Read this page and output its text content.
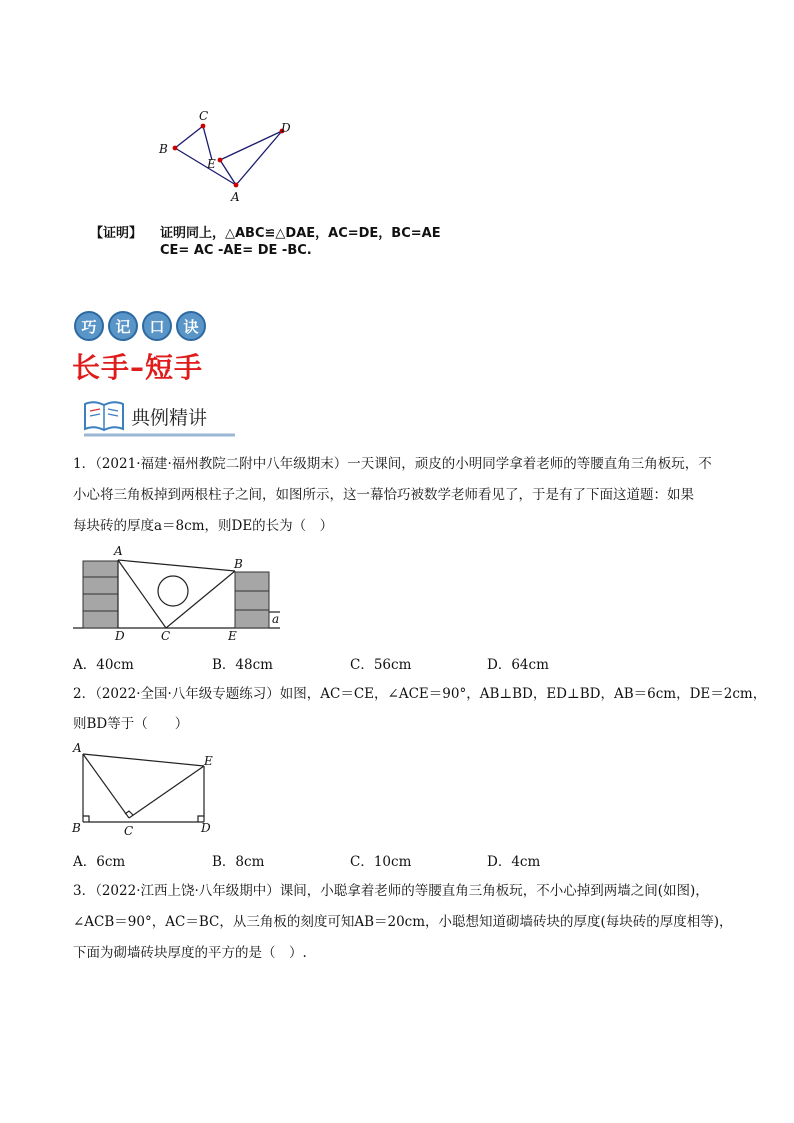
C
B
D
E
A
【证明】 证明同上，△ABC≌△DAE，AC=DE，BC=AE
CE= AC -AE= DE -BC.
巧	记	口	诀
长手–短手
典例精讲
1．（2021·福建·福州教院二附中八年级期末）一天课间，顽皮的小明同学拿着老师的等腰直角三角板玩，不
小心将三角板掉到两根柱子之间，如图所示，这一幕恰巧被数学老师看见了，于是有了下面这道题：如果
每块砖的厚度a＝8cm，则DE的长为（　）
A
B
D	C	E
a
A．40cm	B．48cm	C．56cm	D．64cm
2．（2022·全国·八年级专题练习）如图，AC＝CE，∠ACE＝90°，AB⊥BD，ED⊥BD，AB＝6cm，DE＝2cm，
则BD等于（　　）
A
E
B	C	D
A．6cm	B．8cm	C．10cm	D．4cm
3．（2022·江西上饶·八年级期中）课间，小聪拿着老师的等腰直角三角板玩，不小心掉到两墙之间(如图)，
∠ACB＝90°，AC＝BC，从三角板的刻度可知AB＝20cm，小聪想知道砌墙砖块的厚度(每块砖的厚度相等)，
下面为砌墙砖块厚度的平方的是（　）.
